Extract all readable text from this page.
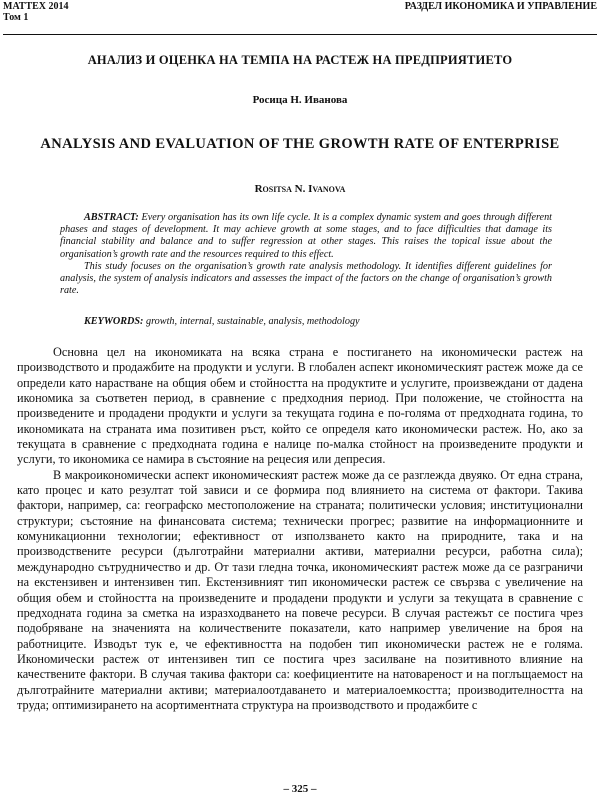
МАТТЕХ 2014
Том 1
РАЗДЕЛ ИКОНОМИКА И УПРАВЛЕНИЕ
АНАЛИЗ И ОЦЕНКА НА ТЕМПА НА РАСТЕЖ НА ПРЕДПРИЯТИЕТО
Росица Н. Иванова
ANALYSIS AND EVALUATION OF THE GROWTH RATE OF ENTERPRISE
Rositsa N. Ivanova

ABSTRACT: Every organisation has its own life cycle. It is a complex dynamic system and goes through different phases and stages of development. It may achieve growth at some stages, and to face difficulties that damage its financial stability and balance and to suffer regression at other stages. This raises the topical issue about the organisation’s growth rate and the resources required to this effect.

This study focuses on the organisation’s growth rate analysis methodology. It identifies different guidelines for analysis, the system of analysis indicators and assesses the impact of the factors on the change of organisation’s growth rate.

KEYWORDS: growth, internal, sustainable, analysis, methodology

Основна цел на икономиката на всяка страна е постигането на икономически растеж на производството и продажбите на продукти и услуги. В глобален аспект икономическият растеж може да се определи като нарастване на общия обем и стойността на продуктите и услугите, произвеждани от дадена икономика за съответен период, в сравнение с предходния период. При положение, че стойността на произведените и продадени продукти и услуги за текущата година е по-голяма от предходната година, то икономиката на страната има позитивен ръст, който се определя като икономически растеж. Но, ако за текущата в сравнение с предходната година е налице по-малка стойност на произведените продукти и услуги, то икономика се намира в състояние на рецесия или депресия.

В макроикономически аспект икономическият растеж може да се разглежда двуяко. От една страна, като процес и като резултат той зависи и се формира под влиянието на система от фактори. Такива фактори, например, са: географско местоположение на страната; политически условия; институционални структури; състояние на финансовата система; технически прогрес; развитие на информационните и комуникационни технологии; ефективност от използването както на природните, така и на производствените ресурси (дълготрайни материални активи, материални ресурси, работна сила); международно сътрудничество и др. От тази гледна точка, икономическият растеж може да се разграничи на екстензивен и интензивен тип. Екстензивният тип икономически растеж се свързва с увеличение на общия обем и стойността на произведените и продадени продукти и услуги за текущата в сравнение с предходната година за сметка на изразходването на повече ресурси. В случая растежът се постига чрез подобряване на значенията на количествените показатели, като например увеличение на броя на работниците. Изводът тук е, че ефективността на подобен тип икономически растеж не е голяма. Икономически растеж от интензивен тип се постига чрез засилване на позитивното влияние на качествените фактори. В случая такива фактори са: коефициентите на натовареност и на поглъщаемост на дълготрайните материални активи; материалоотдаването и материалоемкостта; производителността на труда; оптимизирането на асортиментната структура на производството и продажбите с

– 325 –
